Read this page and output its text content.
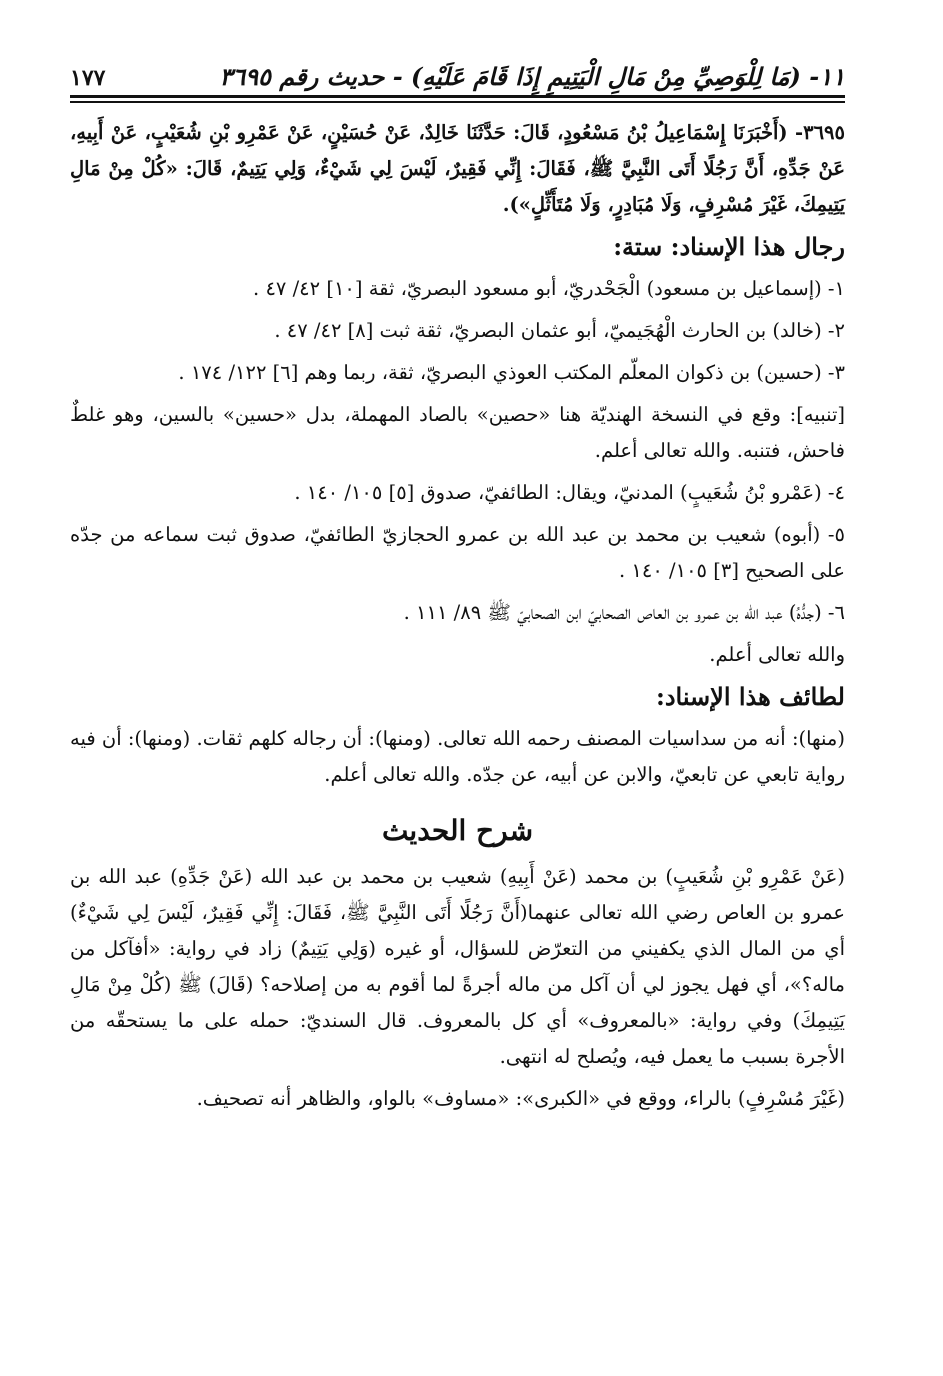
١١- (مَا لِلْوَصِيِّ مِنْ مَالِ الْيَتِيمِ إِذَا قَامَ عَلَيْهِ) - حديث رقم ٣٦٩٥
١٧٧

٣٦٩٥- (أَخْبَرَنَا إِسْمَاعِيلُ بْنُ مَسْعُودٍ، قَالَ: حَدَّثَنَا خَالِدٌ، عَنْ حُسَيْنٍ، عَنْ عَمْرِو بْنِ شُعَيْبٍ، عَنْ أَبِيهِ، عَنْ جَدِّهِ، أَنَّ رَجُلًا أَتَى النَّبِيَّ ﷺ، فَقَالَ: إِنِّي فَقِيرٌ، لَيْسَ لِي شَيْءٌ، وَلِي يَتِيمٌ، قَالَ: «كُلْ مِنْ مَالِ يَتِيمِكَ، غَيْرَ مُسْرِفٍ، وَلَا مُبَادِرٍ، وَلَا مُتَأَثِّلٍ»).

رجال هذا الإسناد: ستة:

١- (إسماعيل بن مسعود) الْجَحْدريّ، أبو مسعود البصريّ، ثقة [١٠] ٤٢/ ٤٧ .

٢- (خالد) بن الحارث الْهُجَيميّ، أبو عثمان البصريّ، ثقة ثبت [٨] ٤٢/ ٤٧ .

٣- (حسين) بن ذكوان المعلّم المكتب العوذي البصريّ، ثقة، ربما وهم [٦] ١٢٢/ ١٧٤ .

[تنبيه]: وقع في النسخة الهنديّة هنا «حصين» بالصاد المهملة، بدل «حسين» بالسين، وهو غلطٌ فاحش، فتنبه. والله تعالى أعلم.

٤- (عَمْرو بْنُ شُعَيبٍ) المدنيّ، ويقال: الطائفيّ، صدوق [٥] ١٠٥/ ١٤٠ .

٥- (أبوه) شعيب بن محمد بن عبد الله بن عمرو الحجازيّ الطائفيّ، صدوق ثبت سماعه من جدّه على الصحيح [٣] ١٠٥/ ١٤٠ .

٦- (جدُّهُ) عبد الله بن عمرو بن العاص الصحابيّ ابن الصحابيّ ﷺ ٨٩/ ١١١ .

والله تعالى أعلم.

لطائف هذا الإسناد:

(منها): أنه من سداسيات المصنف رحمه الله تعالى. (ومنها): أن رجاله كلهم ثقات. (ومنها): أن فيه رواية تابعي عن تابعيّ، والابن عن أبيه، عن جدّه. والله تعالى أعلم.

شرح الحديث

(عَنْ عَمْرِو بْنِ شُعَيبٍ) بن محمد (عَنْ أَبِيهِ) شعيب بن محمد بن عبد الله (عَنْ جَدِّهِ) عبد الله بن عمرو بن العاص رضي الله تعالى عنهما(أَنَّ رَجُلًا أَتَى النَّبِيَّ ﷺ، فَقَالَ: إِنِّي فَقِيرٌ، لَيْسَ لِي شَيْءٌ) أي من المال الذي يكفيني من التعرّض للسؤال، أو غيره (وَلِي يَتِيمٌ) زاد في رواية: «أفآكل من ماله؟»، أي فهل يجوز لي أن آكل من ماله أجرةً لما أقوم به من إصلاحه؟ (قَالَ) ﷺ (كُلْ مِنْ مَالِ يَتِيمِكَ) وفي رواية: «بالمعروف» أي كل بالمعروف. قال السنديّ: حمله على ما يستحقّه من الأجرة بسبب ما يعمل فيه، ويُصلح له انتهى.

(غَيْرَ مُسْرِفٍ) بالراء، ووقع في «الكبرى»: «مساوف» بالواو، والظاهر أنه تصحيف.
